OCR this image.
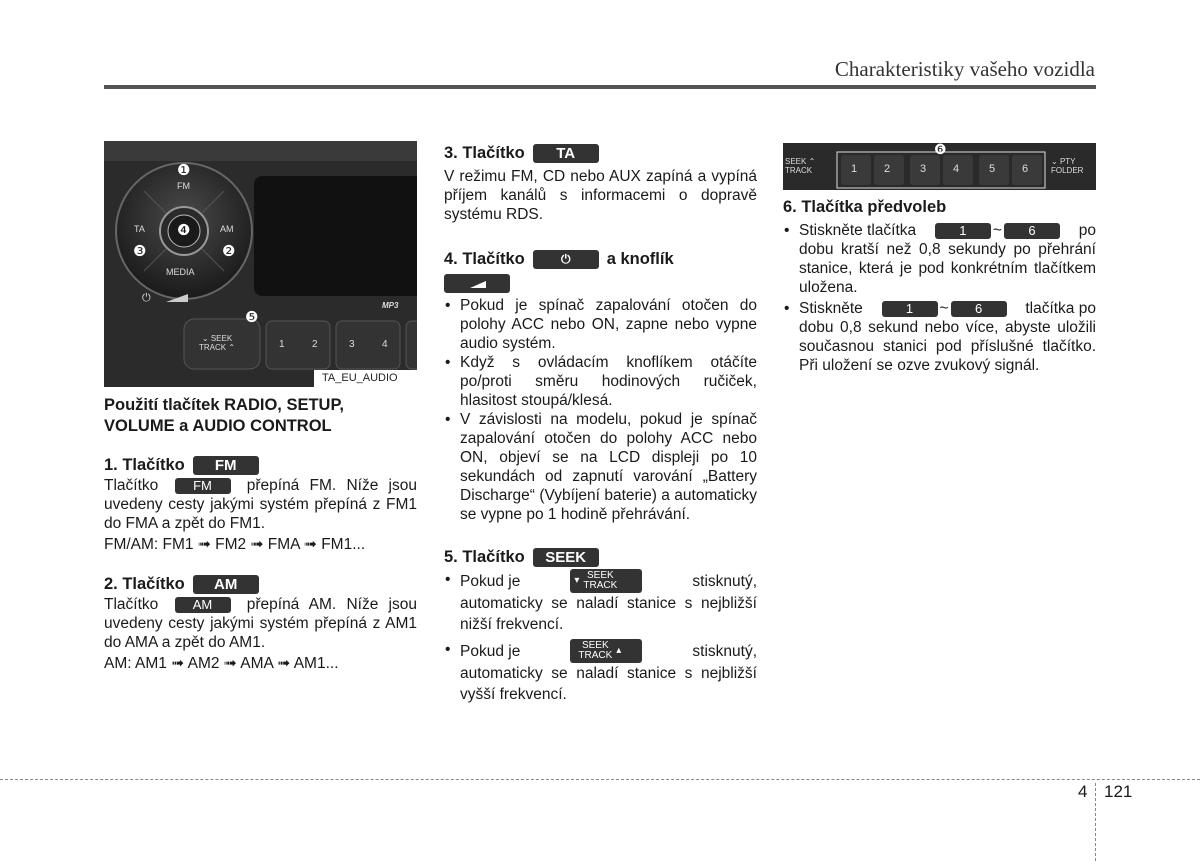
Charakteristiky vašeho vozidla
FM
TA	AM
MEDIA
⏻
MP3
⌄ SEEK
TRACK ⌃	1	2	3	4
❶
❷
❸
❹
❺
TA_EU_AUDIO
Použití tlačítek RADIO, SETUP, VOLUME a AUDIO CONTROL
1. Tlačítko	FM

Tlačítko	FM přepíná FM. Níže jsou uvedeny cesty jakými systém přepíná z FM1 do FMA a zpět do FM1.

FM/AM: FM1 ➟ FM2 ➟ FMA ➟ FM1...

2. Tlačítko	AM

Tlačítko	AM přepíná AM. Níže jsou uvedeny cesty jakými systém přepíná z AM1 do AMA a zpět do AM1.

AM: AM1 ➟ AM2 ➟ AMA ➟ AM1...

3. Tlačítko	TA

V režimu FM, CD nebo AUX zapíná a vypíná příjem kanálů s informacemi o dopravě systému RDS.

4. Tlačítko	⏻	a knoflík
• Pokud je spínač zapalování otočen do polohy ACC nebo ON, zapne nebo vypne audio systém.
• Když s ovládacím knoflíkem otáčíte po/proti směru hodinových ručiček, hlasitost stoupá/klesá.
• V závislosti na modelu, pokud je spínač zapalování otočen do polohy ACC nebo ON, objeví se na LCD displeji po 10 sekundách od zapnutí varování „Battery Discharge“ (Vybíjení baterie) a automaticky se vypne po 1 hodině přehrávání.
5. Tlačítko	SEEK
• Pokud je	▾ SEEK
TRACK	stisknutý,
automaticky se naladí stanice s nejbližší nižší frekvencí.
• Pokud je	SEEK
TRACK ▴	stisknutý,
automaticky se naladí stanice s nejbližší vyšší frekvencí.
❻
SEEK ⌃
TRACK	1 2	3 4	5 6
⌄ PTY
FOLDER
6. Tlačítka předvoleb
• Stiskněte tlačítka	1	~	6	po
dobu kratší než 0,8 sekundy po přehrání stanice, která je pod konkrétním tlačítkem uložena.
• Stiskněte	1	~	6	tlačítka po
dobu 0,8 sekund nebo více, abyste uložili současnou stanici pod příslušné tlačítko. Při uložení se ozve zvukový signál.
4 121
